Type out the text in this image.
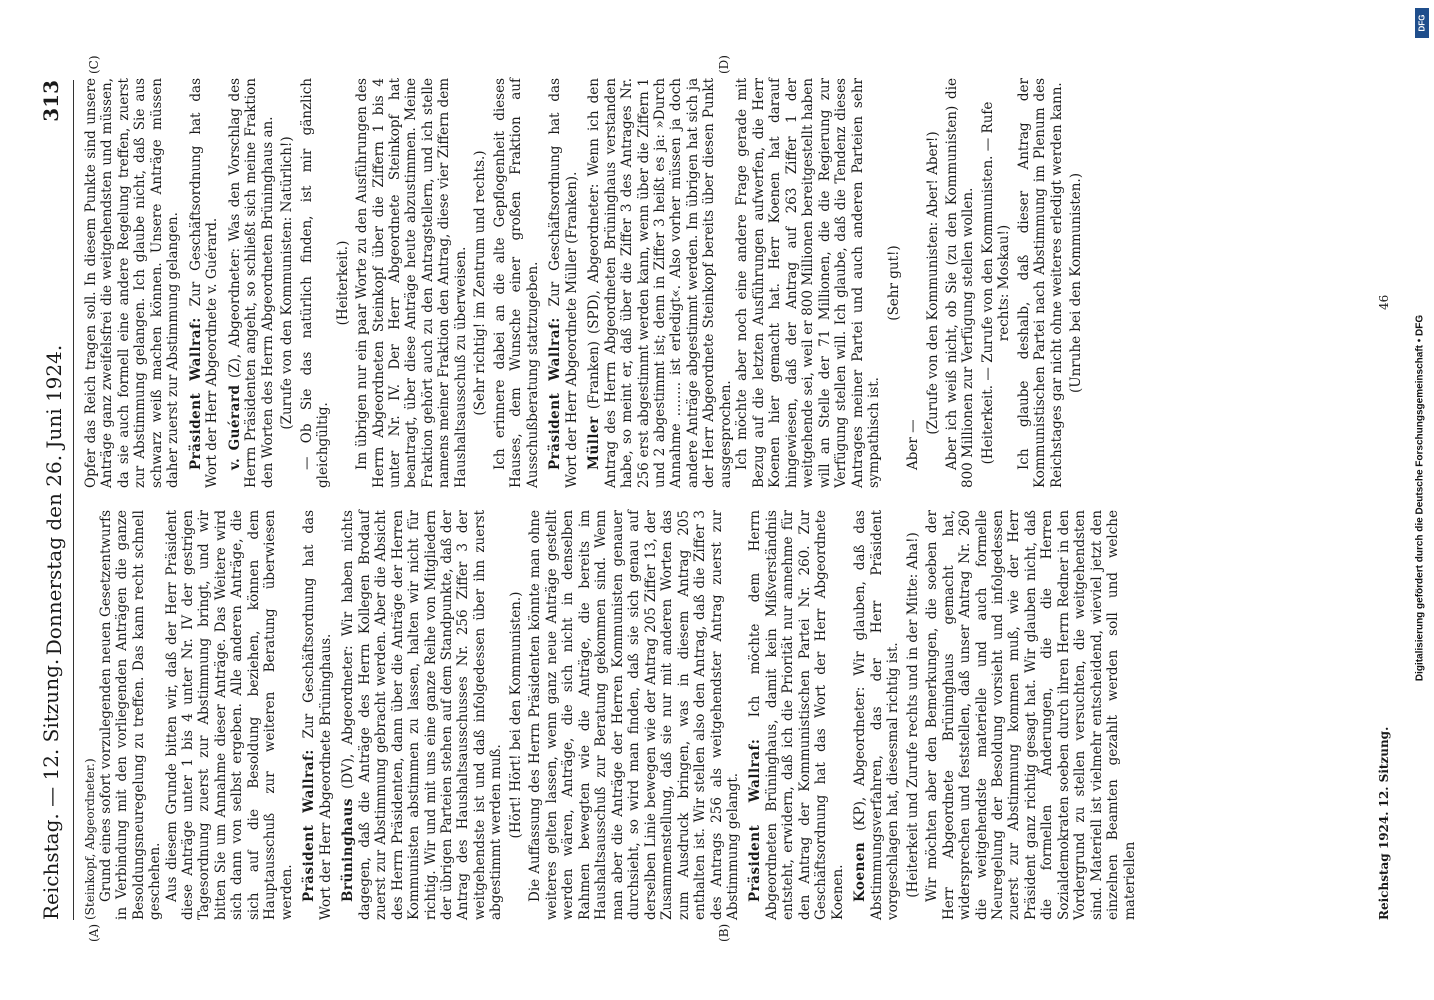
Reichstag. — 12. Sitzung.
Donnerstag den 26. Juni 1924.
313
(A)	(B)
(C)	(D)

(Steinkopf, Abgeordneter.) Grund eines sofort vorzulegenden neuen Gesetzentwurfs in Verbindung mit den vorliegenden Anträgen die ganze Besoldungsneuregelung zu treffen. Das kann recht schnell geschehen. Aus diesem Grunde bitten wir, daß der Herr Präsident diese Anträge unter 1 bis 4 unter Nr. IV der gestrigen Tagesordnung zuerst zur Abstimmung bringt, und wir bitten Sie um Annahme dieser Anträge. Das Weitere wird sich dann von selbst ergeben. Alle anderen Anträge, die sich auf die Besoldung beziehen, können dem Hauptausschuß zur weiteren Beratung überwiesen werden. Präsident Wallraf: Zur Geschäftsordnung hat das Wort der Herr Abgeordnete Brüninghaus. Brüninghaus (DV), Abgeordneter: Wir haben nichts dagegen, daß die Anträge des Herrn Kollegen Brodauf zuerst zur Abstimmung gebracht werden. Aber die Absicht des Herrn Präsidenten, dann über die Anträge der Herren Kommunisten abstimmen zu lassen, halten wir nicht für richtig. Wir und mit uns eine ganze Reihe von Mitgliedern der übrigen Parteien stehen auf dem Standpunkte, daß der Antrag des Haushaltsausschusses Nr. 256 Ziffer 3 der weitgehendste ist und daß infolgedessen über ihn zuerst abgestimmt werden muß. (Hört! Hört! bei den Kommunisten.) Die Auffassung des Herrn Präsidenten könnte man ohne weiteres gelten lassen, wenn ganz neue Anträge gestellt werden wären, Anträge, die sich nicht in denselben Rahmen bewegten wie die Anträge, die bereits im Haushaltsausschuß zur Beratung gekommen sind. Wenn man aber die Anträge der Herren Kommunisten genauer durchsieht, so wird man finden, daß sie sich genau auf derselben Linie bewegen wie der Antrag 205 Ziffer 13, der Zusammenstellung, daß sie nur mit anderen Worten das zum Ausdruck bringen, was in diesem Antrag 205 enthalten ist. Wir stellen also den Antrag, daß die Ziffer 3 des Antrags 256 als weitgehendster Antrag zuerst zur Abstimmung gelangt. Präsident Wallraf: Ich möchte dem Herrn Abgeordneten Brüninghaus, damit kein Mißverständnis entsteht, erwidern, daß ich die Priorität nur annehme für den Antrag der Kommunistischen Partei Nr. 260. Zur Geschäftsordnung hat das Wort der Herr Abgeordnete Koenen. Koenen (KP), Abgeordneter: Wir glauben, daß das Abstimmungsverfahren, das der Herr Präsident vorgeschlagen hat, diesesmal richtig ist. (Heiterkeit und Zurufe rechts und in der Mitte: Aha!) Wir möchten aber den Bemerkungen, die soeben der Herr Abgeordnete Brüninghaus gemacht hat, widersprechen und feststellen, daß unser Antrag Nr. 260 die weitgehendste materielle und auch formelle Neuregelung der Besoldung vorsieht und infolgedessen zuerst zur Abstimmung kommen muß, wie der Herr Präsident ganz richtig gesagt hat. Wir glauben nicht, daß die formellen Änderungen, die die Herren Sozialdemokraten soeben durch ihren Herrn Redner in den Vordergrund zu stellen versuchten, die weitgehendsten sind. Materiell ist vielmehr entscheidend, wieviel jetzt den einzelnen Beamten gezahlt werden soll und welche materiellen

Opfer das Reich tragen soll. In diesem Punkte sind unsere Anträge ganz zweifelsfrei die weitgehendsten und müssen, da sie auch formell eine andere Regelung treffen, zuerst zur Abstimmung gelangen. Ich glaube nicht, daß Sie aus schwarz weiß machen können. Unsere Anträge müssen daher zuerst zur Abstimmung gelangen. Präsident Wallraf: Zur Geschäftsordnung hat das Wort der Herr Abgeordnete v. Guérard. v. Guérard (Z), Abgeordneter: Was den Vorschlag des Herrn Präsidenten angeht, so schließt sich meine Fraktion den Worten des Herrn Abgeordneten Brüninghaus an. (Zurufe von den Kommunisten: Natürlich!) — Ob Sie das natürlich finden, ist mir gänzlich gleichgültig.

(Heiterkeit.) Im übrigen nur ein paar Worte zu den Ausführungen des Herrn Abgeordneten Steinkopf über die Ziffern 1 bis 4 unter Nr. IV. Der Herr Abgeordnete Steinkopf hat beantragt, über diese Anträge heute abzustimmen. Meine Fraktion gehört auch zu den Antragstellern, und ich stelle namens meiner Fraktion den Antrag, diese vier Ziffern dem Haushaltsausschuß zu überweisen. (Sehr richtig! im Zentrum und rechts.) Ich erinnere dabei an die alte Gepflogenheit dieses Hauses, dem Wunsche einer großen Fraktion auf Ausschußberatung stattzugeben. Präsident Wallraf: Zur Geschäftsordnung hat das Wort der Herr Abgeordnete Müller (Franken). Müller (Franken) (SPD), Abgeordneter: Wenn ich den Antrag des Herrn Abgeordneten Brüninghaus verstanden habe, so meint er, daß über die Ziffer 3 des Antrages Nr. 256 erst abgestimmt werden kann, wenn über die Ziffern 1 und 2 abgestimmt ist; denn in Ziffer 3 heißt es ja: »Durch Annahme ........ ist erledigt«. Also vorher müssen ja doch andere Anträge abgestimmt werden. Im übrigen hat sich ja der Herr Abgeordnete Steinkopf bereits über diesen Punkt ausgesprochen. Ich möchte aber noch eine andere Frage gerade mit Bezug auf die letzten Ausführungen aufwerfen, die Herr Koenen hier gemacht hat. Herr Koenen hat darauf hingewiesen, daß der Antrag auf 263 Ziffer 1 der weitgehende sei, weil er 800 Millionen bereitgestellt haben will an Stelle der 71 Millionen, die die Regierung zur Verfügung stellen will. Ich glaube, daß die Tendenz dieses Antrages meiner Partei und auch anderen Parteien sehr sympathisch ist.

(Sehr gut!)

Aber —

(Zurufe von den Kommunisten: Aber! Aber!) Aber ich weiß nicht, ob Sie (zu den Kommunisten) die 800 Millionen zur Verfügung stellen wollen. (Heiterkeit. — Zurufe von den Kommunisten. — Rufe rechts: Moskau!) Ich glaube deshalb, daß dieser Antrag der Kommunistischen Partei nach Abstimmung im Plenum des Reichstages gar nicht ohne weiteres erledigt werden kann. (Unruhe bei den Kommunisten.)

Reichstag 1924. 12. Sitzung.
46
Digitalisierung gefördert durch die Deutsche Forschungsgemeinschaft • DFG
DFG
